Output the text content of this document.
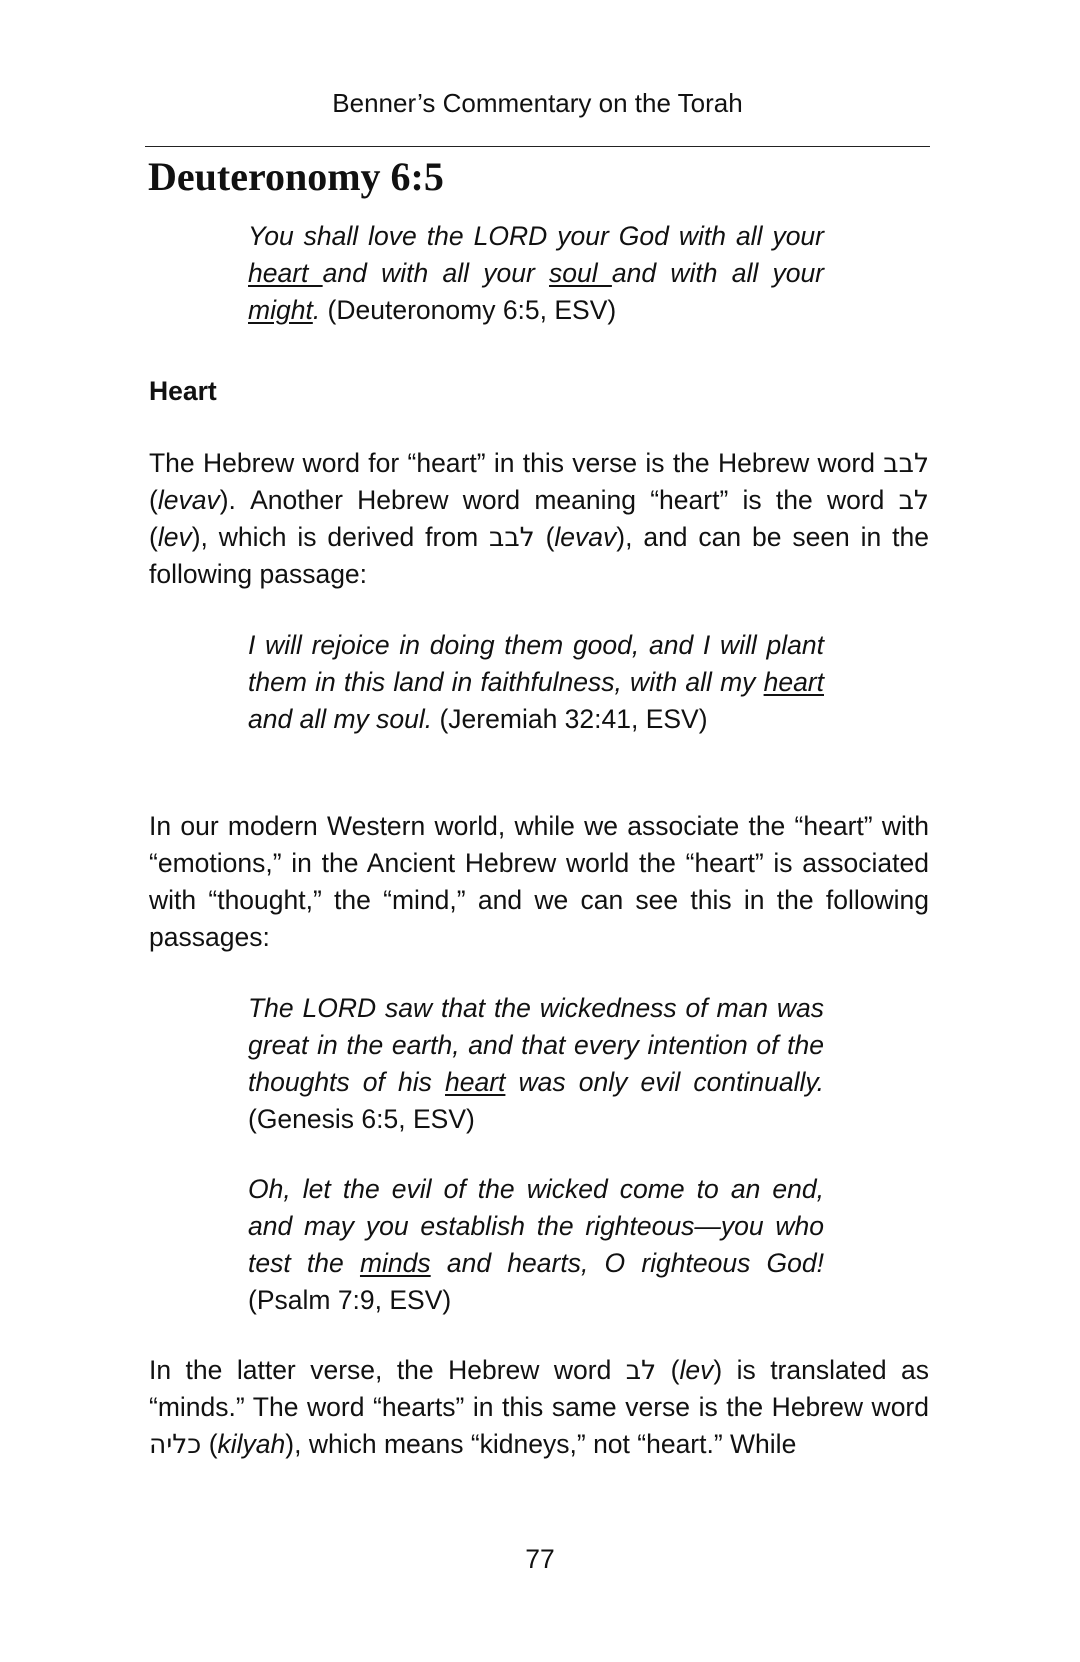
Benner’s Commentary on the Torah
Deuteronomy 6:5

You shall love the LORD your God with all your heart and with all your soul and with all your might. (Deuteronomy 6:5, ESV)

Heart

The Hebrew word for “heart” in this verse is the Hebrew word לבב (levav). Another Hebrew word meaning “heart” is the word לב (lev), which is derived from לבב (levav), and can be seen in the following passage:

I will rejoice in doing them good, and I will plant them in this land in faithfulness, with all my heart and all my soul. (Jeremiah 32:41, ESV)

In our modern Western world, while we associate the “heart” with “emotions,” in the Ancient Hebrew world the “heart” is associated with “thought,” the “mind,” and we can see this in the following passages:

The LORD saw that the wickedness of man was great in the earth, and that every intention of the thoughts of his heart was only evil continually. (Genesis 6:5, ESV)

Oh, let the evil of the wicked come to an end, and may you establish the righteous—you who test the minds and hearts, O righteous God! (Psalm 7:9, ESV)

In the latter verse, the Hebrew word לב (lev) is translated as “minds.” The word “hearts” in this same verse is the Hebrew word כליה (kilyah), which means “kidneys,” not “heart.” While

77
